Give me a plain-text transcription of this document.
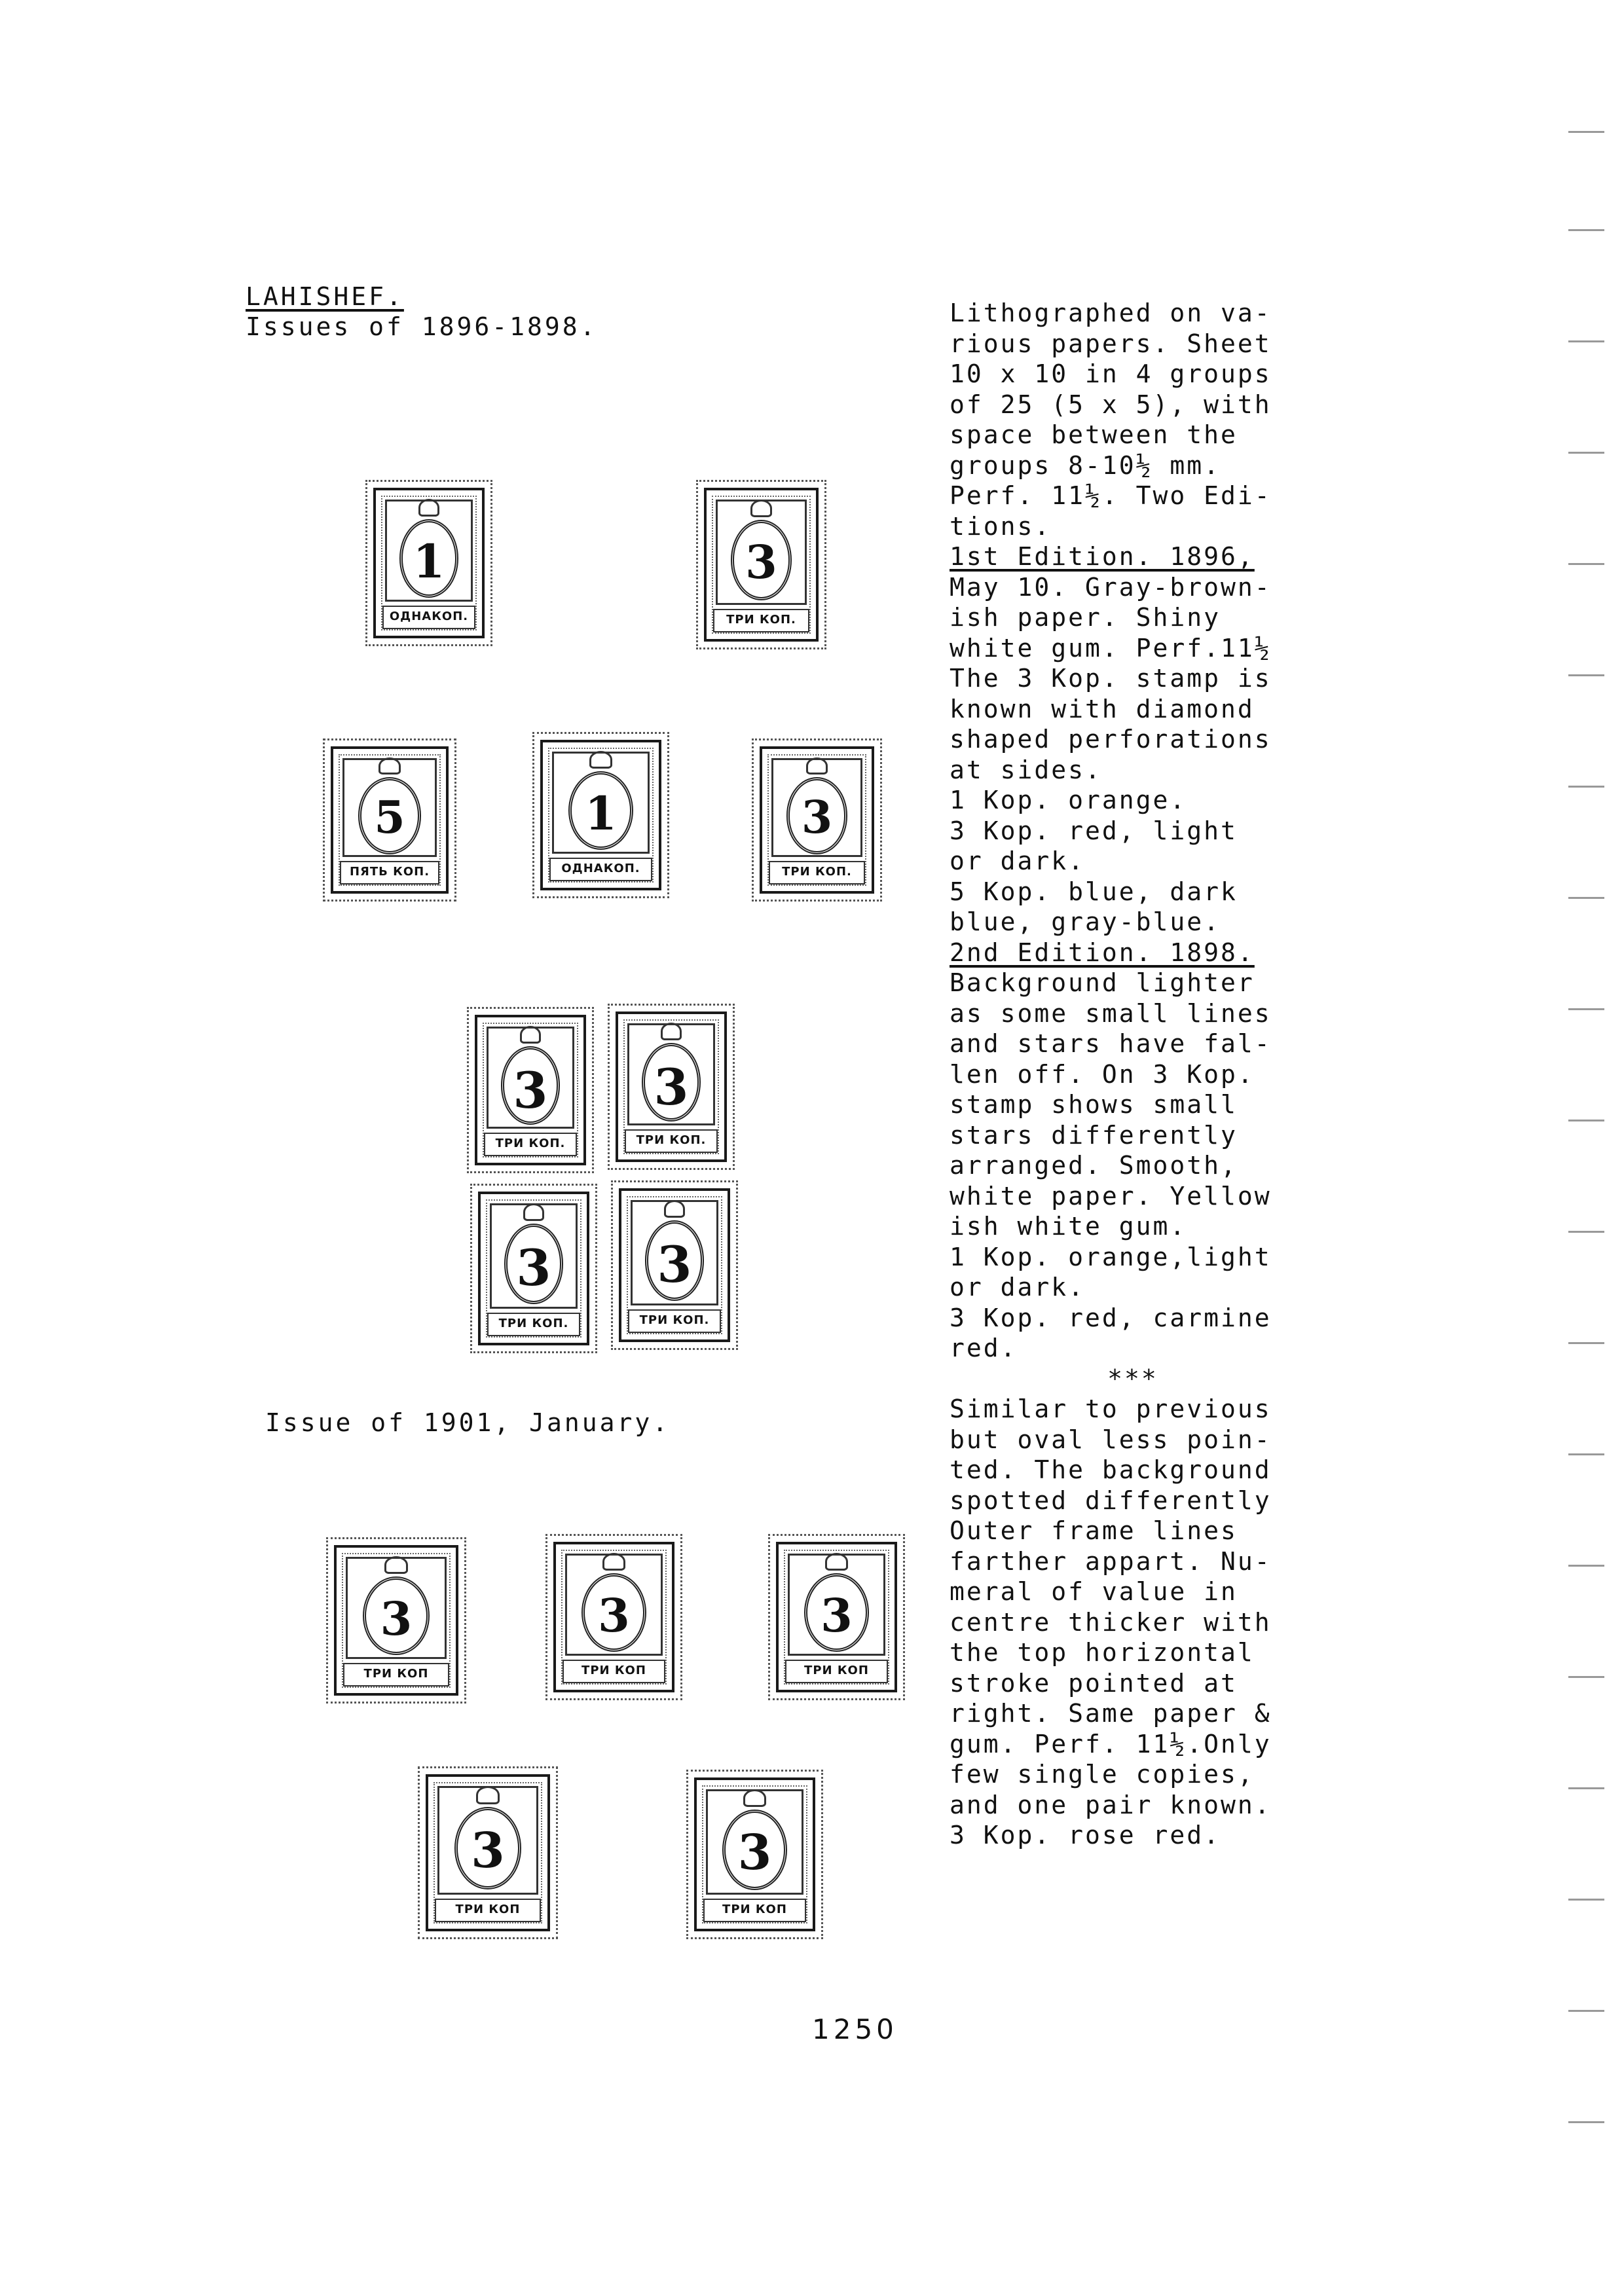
LAHISHEF.
Issues of 1896-1898.
Issue of 1901, January.
Lithographed on va-
rious papers. Sheet
10 x 10 in 4 groups
of 25 (5 x 5), with
space between the
groups 8-10½ mm.
Perf. 11½. Two Edi-
tions.
1st Edition. 1896,
May 10. Gray-brown-
ish paper. Shiny
white gum. Perf.11½
The 3 Kop. stamp is
known with diamond
shaped perforations
at sides.
1 Kop. orange.
3 Kop. red, light
or dark.
5 Kop. blue, dark
blue, gray-blue.
2nd Edition. 1898.
Background lighter
as some small lines
and stars have fal-
len off. On 3 Kop.
stamp shows small
stars differently
arranged. Smooth,
white paper. Yellow
ish white gum.
1 Kop. orange,light
or dark.
3 Kop. red, carmine
red.
***
Similar to previous
but oval less poin-
ted. The background
spotted differently
Outer frame lines
farther appart. Nu-
meral of value in
centre thicker with
the top horizontal
stroke pointed at
right. Same paper &
gum. Perf. 11½.Only
few single copies,
and one pair known.
3 Kop. rose red.
1
ОДНАКОП.
3
ТРИ КОП.
5
ПЯТЬ КОП.
1
ОДНАКОП.
3
ТРИ КОП.
3
ТРИ КОП.
3
ТРИ КОП.
3
ТРИ КОП.
3
ТРИ КОП.
3
ТРИ КОП
3
ТРИ КОП
3
ТРИ КОП
3
ТРИ КОП
3
ТРИ КОП
1250
